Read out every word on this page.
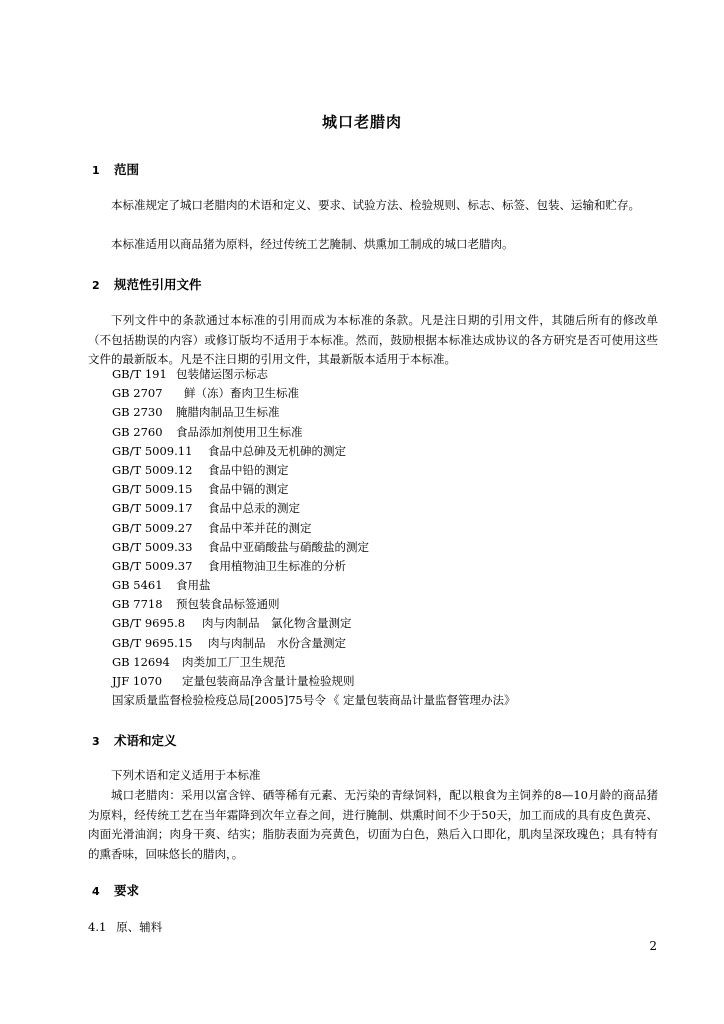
城口老腊肉
1 范围
本标准规定了城口老腊肉的术语和定义、要求、试验方法、检验规则、标志、标签、包装、运输和贮存。
本标准适用以商品猪为原料，经过传统工艺腌制、烘熏加工制成的城口老腊肉。
2 规范性引用文件
下列文件中的条款通过本标准的引用而成为本标准的条款。凡是注日期的引用文件，其随后所有的修改单（不包括勘误的内容）或修订版均不适用于本标准。然而，鼓励根据本标准达成协议的各方研究是否可使用这些文件的最新版本。凡是不注日期的引用文件，其最新版本适用于本标准。
GB/T 191 包装储运图示标志
GB 2707 鲜（冻）畜肉卫生标准
GB 2730 腌腊肉制品卫生标准
GB 2760 食品添加剂使用卫生标准
GB/T 5009.11 食品中总砷及无机砷的测定
GB/T 5009.12 食品中铅的测定
GB/T 5009.15 食品中镉的测定
GB/T 5009.17 食品中总汞的测定
GB/T 5009.27 食品中苯并芘的测定
GB/T 5009.33 食品中亚硝酸盐与硝酸盐的测定
GB/T 5009.37 食用植物油卫生标准的分析
GB 5461 食用盐
GB 7718 预包装食品标签通则
GB/T 9695.8 肉与肉制品　氯化物含量测定
GB/T 9695.15 肉与肉制品　水份含量测定
GB 12694 肉类加工厂卫生规范
JJF 1070 定量包装商品净含量计量检验规则
国家质量监督检验检疫总局[2005]75号令 《 定量包装商品计量监督管理办法》
3 术语和定义
下列术语和定义适用于本标准
城口老腊肉：采用以富含锌、硒等稀有元素、无污染的青绿饲料，配以粮食为主饲养的8—10月龄的商品猪为原料，经传统工艺在当年霜降到次年立春之间，进行腌制、烘熏时间不少于50天，加工而成的具有皮色黄亮、肉面光滑油润；肉身干爽、结实；脂肪表面为亮黄色，切面为白色，熟后入口即化，肌肉呈深玫瑰色；具有特有的熏香味，回味悠长的腊肉，。
4 要求
4.1 原、辅料
2
